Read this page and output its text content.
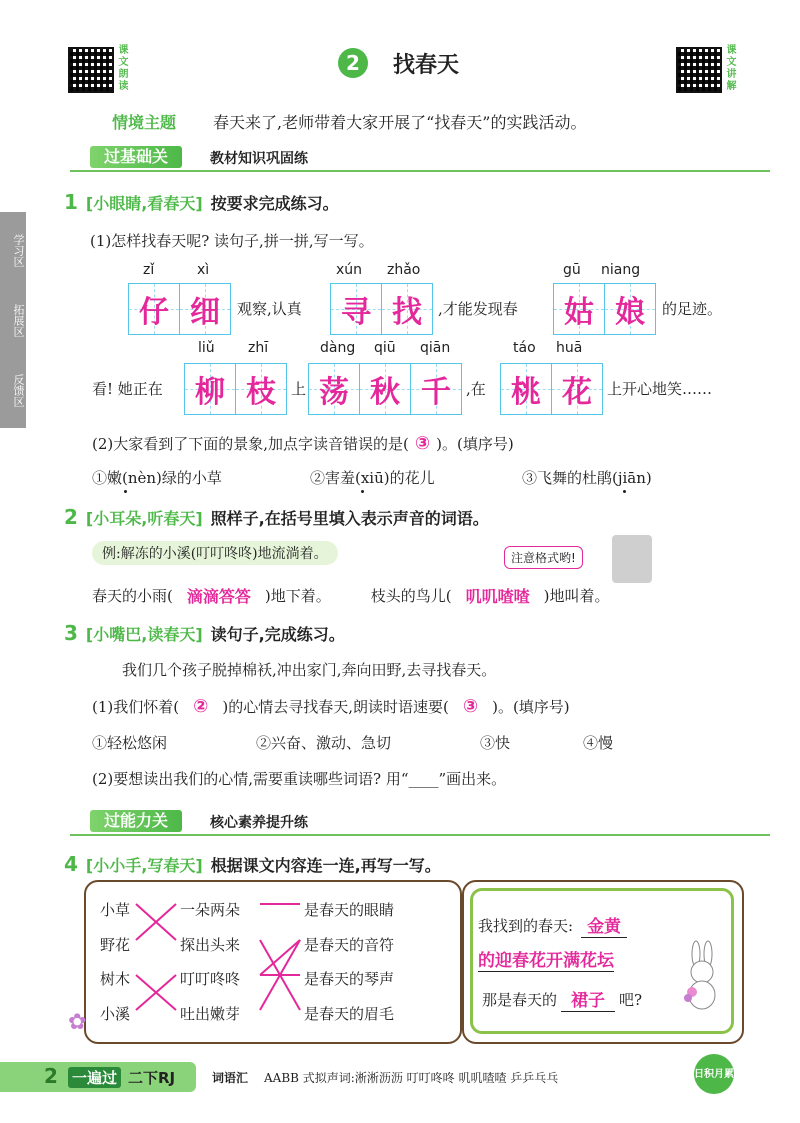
课文朗读	2	找春天	课文讲解
情境主题 春天来了,老师带着大家开展了“找春天”的实践活动。
过基础关	教材知识巩固练
学习区
拓展区
反馈区
1 [小眼睛,看春天] 按要求完成练习。
(1)怎样找春天呢? 读句子,拼一拼,写一写。
zǐ	xì	xún zhǎo	gū niang
仔 细 观察,认真 寻 找 ,才能发现春 姑 娘 的足迹。
liǔ zhī	dàng qiū qiān	táo huā
看! 她正在 柳 枝 上 荡 秋 千 ,在 桃 花 上开心地笑……
(2)大家看到了下面的景象,加点字读音错误的是( ③ )。(填序号)
①嫩(nèn)绿的小草	②害羞(xiū)的花儿	③飞舞的杜鹃(jiān)
2 [小耳朵,听春天] 照样子,在括号里填入表示声音的词语。
例:解冻的小溪(叮叮咚咚)地流淌着。	注意格式哟!
春天的小雨( 滴滴答答 )地下着。	枝头的鸟儿( 叽叽喳喳 )地叫着。
3 [小嘴巴,读春天] 读句子,完成练习。
我们几个孩子脱掉棉袄,冲出家门,奔向田野,去寻找春天。
(1)我们怀着( ② )的心情去寻找春天,朗读时语速要( ③ )。(填序号)
①轻松悠闲	②兴奋、激动、急切	③快	④慢
(2)要想读出我们的心情,需要重读哪些词语? 用“____”画出来。
过能力关	核心素养提升练
4 [小小手,写春天] 根据课文内容连一连,再写一写。
小草
野花
树木
小溪
一朵两朵
探出头来
叮叮咚咚
吐出嫩芽
是春天的眼睛
是春天的音符
是春天的琴声
是春天的眉毛
✿
我找到的春天: 金黄
的迎春花开满花坛
那是春天的 裙子 吧?
2 一遍过 二下RJ	词语汇 AABB 式拟声词:淅淅沥沥 叮叮咚咚 叽叽喳喳 乒乒乓乓	日积月累
